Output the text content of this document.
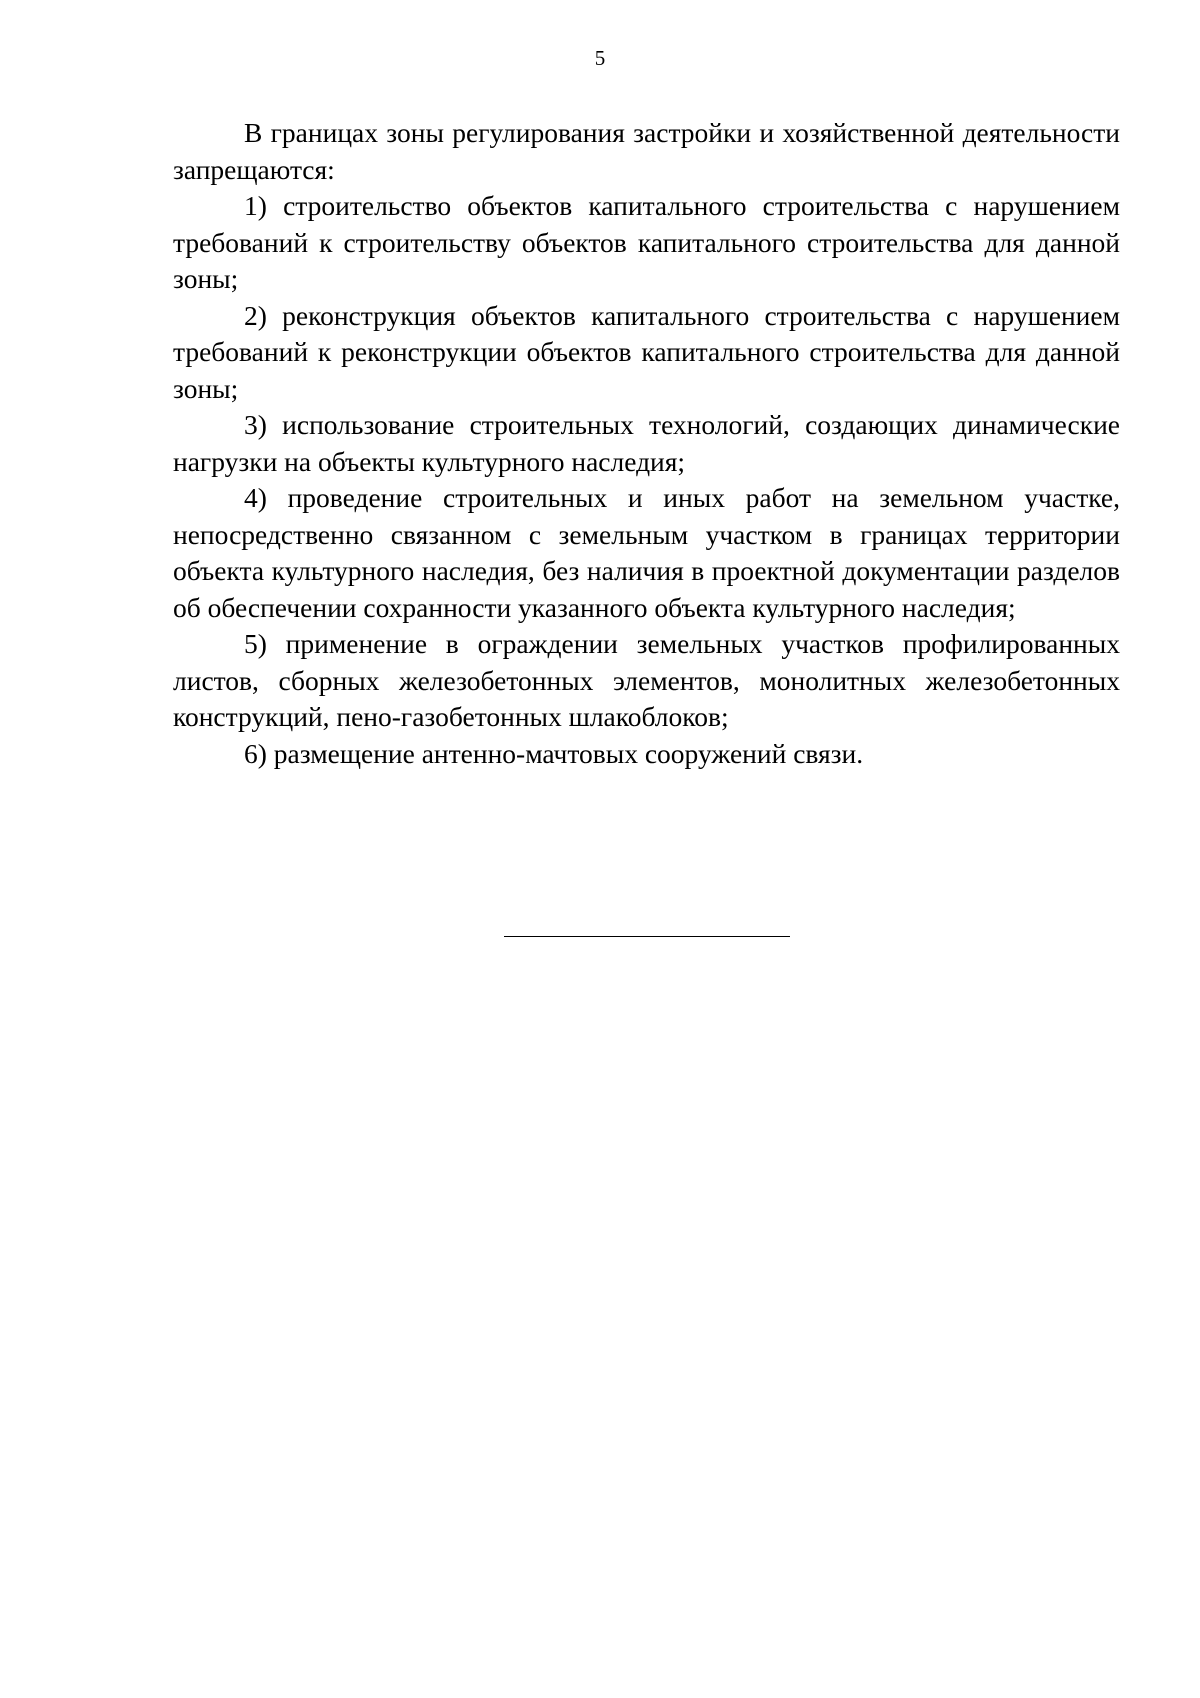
5

В границах зоны регулирования застройки и хозяйственной деятельности запрещаются:

1) строительство объектов капитального строительства с нарушением требований к строительству объектов капитального строительства для данной зоны;

2) реконструкция объектов капитального строительства с нарушением требований к реконструкции объектов капитального строительства для данной зоны;

3) использование строительных технологий, создающих динамические нагрузки на объекты культурного наследия;

4) проведение строительных и иных работ на земельном участке, непосредственно связанном с земельным участком в границах территории объекта культурного наследия, без наличия в проектной документации разделов об обеспечении сохранности указанного объекта культурного наследия;

5) применение в ограждении земельных участков профилированных листов, сборных железобетонных элементов, монолитных железобетонных конструкций, пено-газобетонных шлакоблоков;

6) размещение антенно-мачтовых сооружений связи.
